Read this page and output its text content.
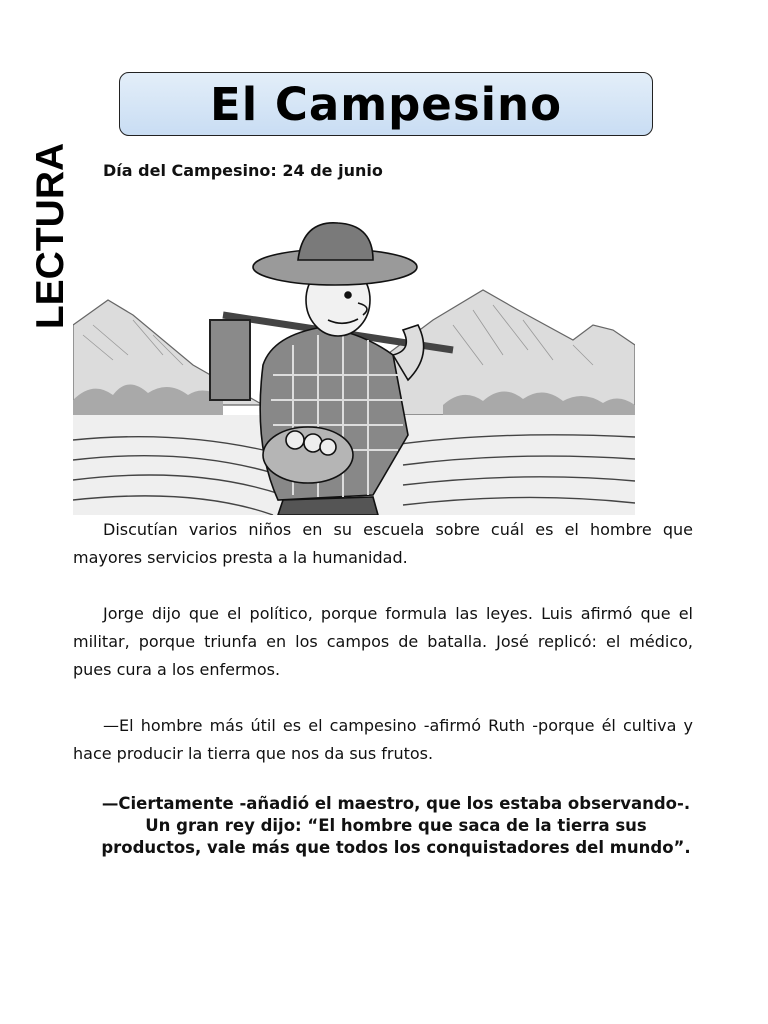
El Campesino
LECTURA Día del Campesino: 24 de junio

Discutían varios niños en su escuela sobre cuál es el hombre que mayores servicios presta a la humanidad.

Jorge dijo que el político, porque formula las leyes. Luis afirmó que el militar, porque triunfa en los campos de batalla. José replicó: el médico, pues cura a los enfermos.

—El hombre más útil es el campesino -afirmó Ruth -porque él cultiva y hace producir la tierra que nos da sus frutos.

—Ciertamente -añadió el maestro, que los estaba observando-. Un gran rey dijo: “El hombre que saca de la tierra sus productos, vale más que todos los conquistadores del mundo”.
